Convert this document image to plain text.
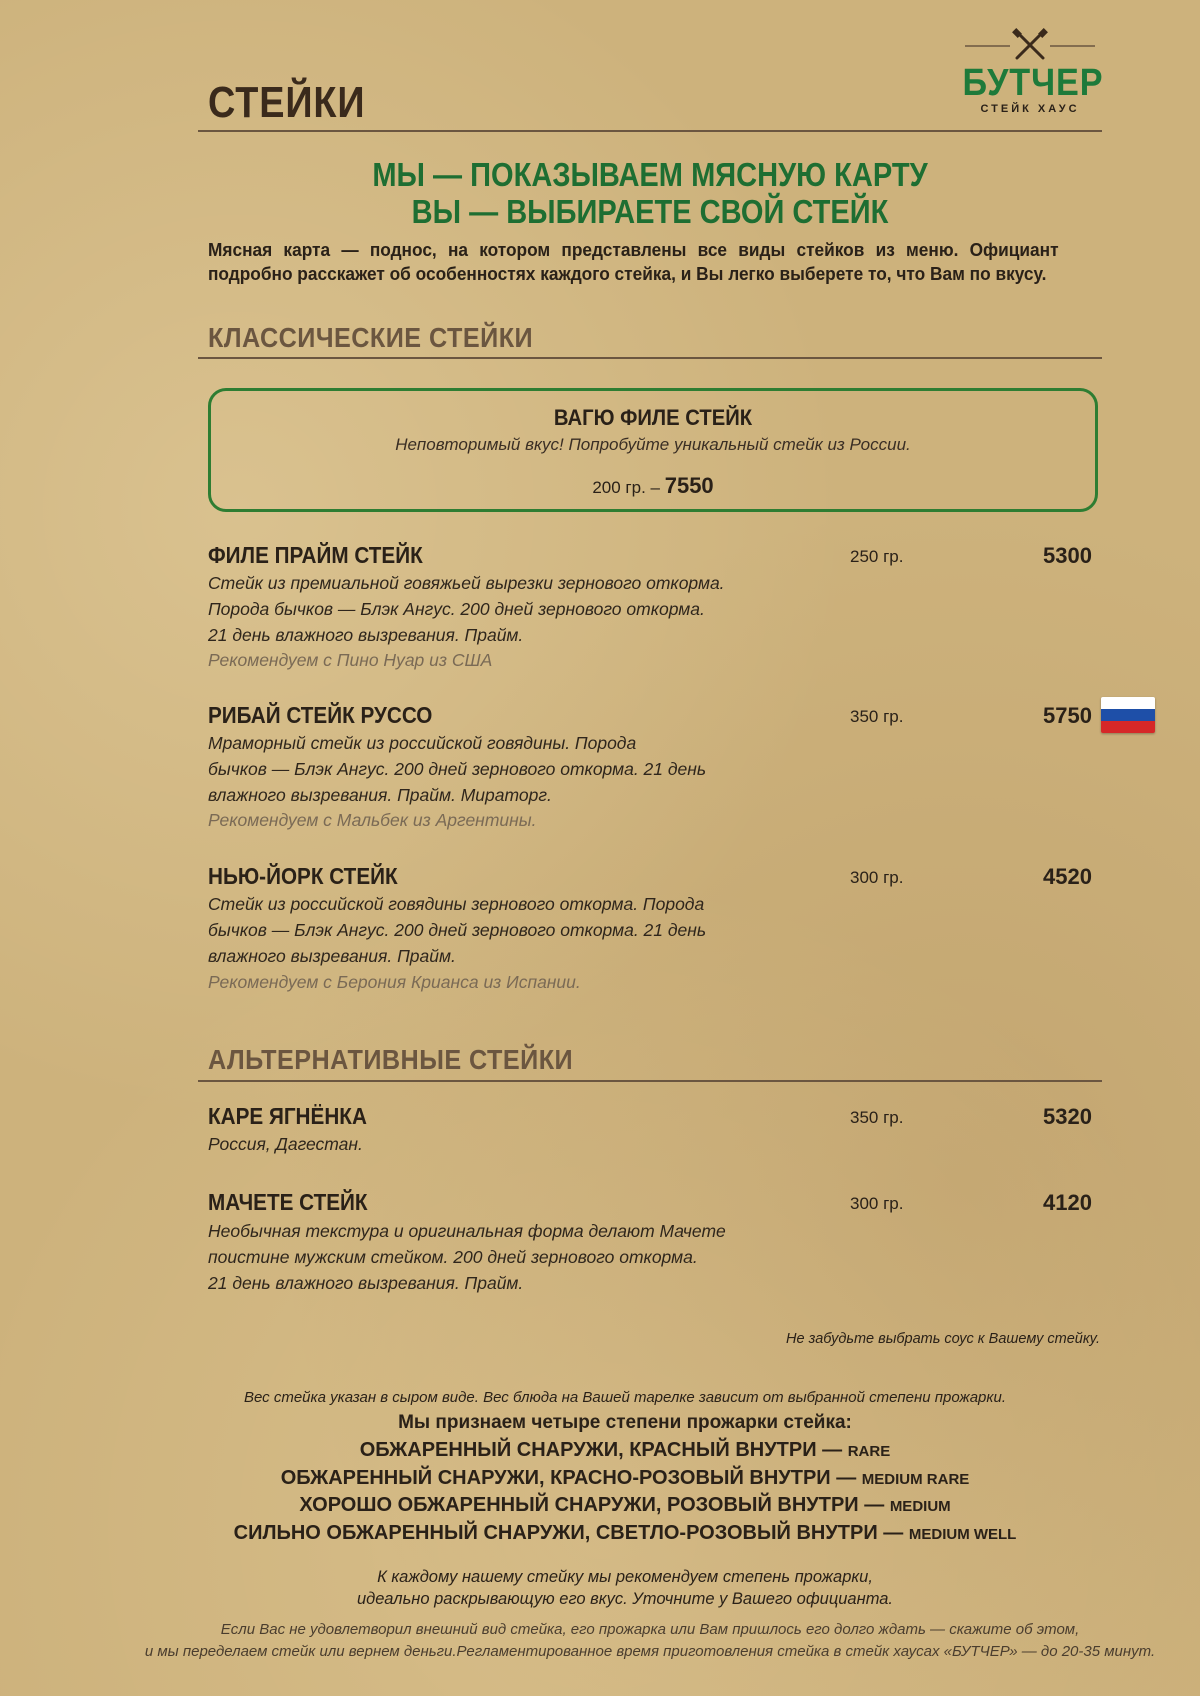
СТЕЙКИ	БУТЧЕР
СТЕЙК ХАУС
МЫ — ПОКАЗЫВАЕМ МЯСНУЮ КАРТУ
ВЫ — ВЫБИРАЕТЕ СВОЙ СТЕЙК
Мясная карта — поднос, на котором представлены все виды стейков из меню. Официант подробно расскажет об особенностях каждого стейка, и Вы легко выберете то, что Вам по вкусу.
КЛАССИЧЕСКИЕ СТЕЙКИ
ВАГЮ ФИЛЕ СТЕЙК
Неповторимый вкус! Попробуйте уникальный стейк из России.
200 гр. – 7550
ФИЛЕ ПРАЙМ СТЕЙК	250 гр.	5300
Стейк из премиальной говяжьей вырезки зернового откорма.
Порода бычков — Блэк Ангус. 200 дней зернового откорма.
21 день влажного вызревания. Прайм.
Рекомендуем с Пино Нуар из США
РИБАЙ СТЕЙК РУССО	350 гр.	5750
Мраморный стейк из российской говядины. Порода
бычков — Блэк Ангус. 200 дней зернового откорма. 21 день
влажного вызревания. Прайм. Мираторг.
Рекомендуем с Мальбек из Аргентины.
НЬЮ-ЙОРК СТЕЙК	300 гр.	4520
Стейк из российской говядины зернового откорма. Порода
бычков — Блэк Ангус. 200 дней зернового откорма. 21 день
влажного вызревания. Прайм.
Рекомендуем с Берония Крианса из Испании.
АЛЬТЕРНАТИВНЫЕ СТЕЙКИ
КАРЕ ЯГНЁНКА	350 гр.	5320
Россия, Дагестан.
МАЧЕТЕ СТЕЙК	300 гр.	4120
Необычная текстура и оригинальная форма делают Мачете
поистине мужским стейком. 200 дней зернового откорма.
21 день влажного вызревания. Прайм.
Не забудьте выбрать соус к Вашему стейку.
Вес стейка указан в сыром виде. Вес блюда на Вашей тарелке зависит от выбранной степени прожарки.
Мы признаем четыре степени прожарки стейка:
ОБЖАРЕННЫЙ СНАРУЖИ, КРАСНЫЙ ВНУТРИ — RARE
ОБЖАРЕННЫЙ СНАРУЖИ, КРАСНО-РОЗОВЫЙ ВНУТРИ — MEDIUM RARE
ХОРОШО ОБЖАРЕННЫЙ СНАРУЖИ, РОЗОВЫЙ ВНУТРИ — MEDIUM
СИЛЬНО ОБЖАРЕННЫЙ СНАРУЖИ, СВЕТЛО-РОЗОВЫЙ ВНУТРИ — MEDIUM WELL
К каждому нашему стейку мы рекомендуем степень прожарки,
идеально раскрывающую его вкус. Уточните у Вашего официанта.
Если Вас не удовлетворил внешний вид стейка, его прожарка или Вам пришлось его долго ждать — скажите об этом,
и мы переделаем стейк или вернем деньги.Регламентированное время приготовления стейка в стейк хаусах «БУТЧЕР» — до 20-35 минут.
